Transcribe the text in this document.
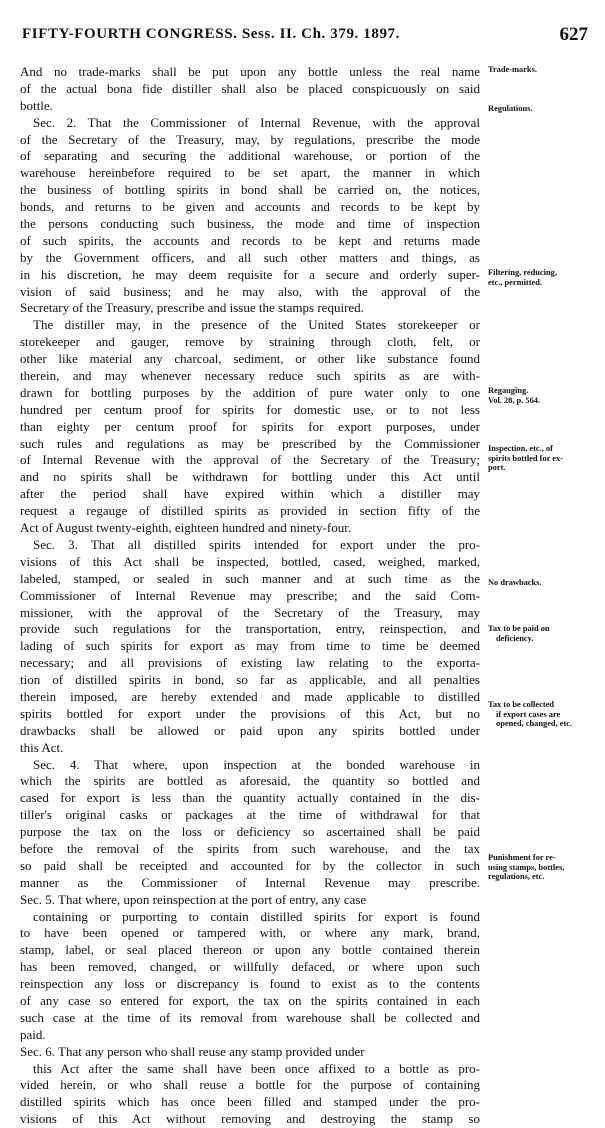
FIFTY-FOURTH CONGRESS. Sess. II. Ch. 379. 1897.	627
And no trade-marks shall be put upon any bottle unless the real name
of the actual bona fide distiller shall also be placed conspicuously on said
bottle.
Sec. 2. That the Commissioner of Internal Revenue, with the approval
of the Secretary of the Treasury, may, by regulations, prescribe the mode
of separating and securing the additional warehouse, or portion of the
warehouse hereinbefore required to be set apart, the manner in which
the business of bottling spirits in bond shall be carried on, the notices,
bonds, and returns to be given and accounts and records to be kept by
the persons conducting such business, the mode and time of inspection
of such spirits, the accounts and records to be kept and returns made
by the Government officers, and all such other matters and things, as
in his discretion, he may deem requisite for a secure and orderly super-
vision of said business; and he may also, with the approval of the
Secretary of the Treasury, prescribe and issue the stamps required.
The distiller may, in the presence of the United States storekeeper or
storekeeper and gauger, remove by straining through cloth, felt, or
other like material any charcoal, sediment, or other like substance found
therein, and may whenever necessary reduce such spirits as are with-
drawn for bottling purposes by the addition of pure water only to one
hundred per centum proof for spirits for domestic use, or to not less
than eighty per centum proof for spirits for export purposes, under
such rules and regulations as may be prescribed by the Commissioner
of Internal Revenue with the approval of the Secretary of the Treasury;
and no spirits shall be withdrawn for bottling under this Act until
after the period shall have expired within which a distiller may
request a regauge of distilled spirits as provided in section fifty of the
Act of August twenty-eighth, eighteen hundred and ninety-four.
Sec. 3. That all distilled spirits intended for export under the pro-
visions of this Act shall be inspected, bottled, cased, weighed, marked,
labeled, stamped, or sealed in such manner and at such time as the
Commissioner of Internal Revenue may prescribe; and the said Com-
missioner, with the approval of the Secretary of the Treasury, may
provide such regulations for the transportation, entry, reinspection, and
lading of such spirits for export as may from time to time be deemed
necessary; and all provisions of existing law relating to the exporta-
tion of distilled spirits in bond, so far as applicable, and all penalties
therein imposed, are hereby extended and made applicable to distilled
spirits bottled for export under the provisions of this Act, but no
drawbacks shall be allowed or paid upon any spirits bottled under
this Act.
Sec. 4. That where, upon inspection at the bonded warehouse in
which the spirits are bottled as aforesaid, the quantity so bottled and
cased for export is less than the quantity actually contained in the dis-
tiller's original casks or packages at the time of withdrawal for that
purpose the tax on the loss or deficiency so ascertained shall be paid
before the removal of the spirits from such warehouse, and the tax
so paid shall be receipted and accounted for by the collector in such
manner as the Commissioner of Internal Revenue may prescribe.
Sec. 5. That where, upon reinspection at the port of entry, any case
containing or purporting to contain distilled spirits for export is found
to have been opened or tampered with, or where any mark, brand,
stamp, label, or seal placed thereon or upon any bottle contained therein
has been removed, changed, or willfully defaced, or where upon such
reinspection any loss or discrepancy is found to exist as to the contents
of any case so entered for export, the tax on the spirits contained in each
such case at the time of its removal from warehouse shall be collected and
paid.
Sec. 6. That any person who shall reuse any stamp provided under
this Act after the same shall have been once affixed to a bottle as pro-
vided herein, or who shall reuse a bottle for the purpose of containing
distilled spirits which has once been filled and stamped under the pro-
visions of this Act without removing and destroying the stamp so
Trade-marks.
Regulations.
Filtering, reducing,
etc., permitted.
Regauging.
Vol. 28, p. 564.
Inspection, etc., of
spirits bottled for ex-
port.
No drawbacks.
Tax to be paid on
deficiency.
Tax to be collected
if export cases are
opened, changed, etc.
Punishment for re-
using stamps, bottles,
regulations, etc.
